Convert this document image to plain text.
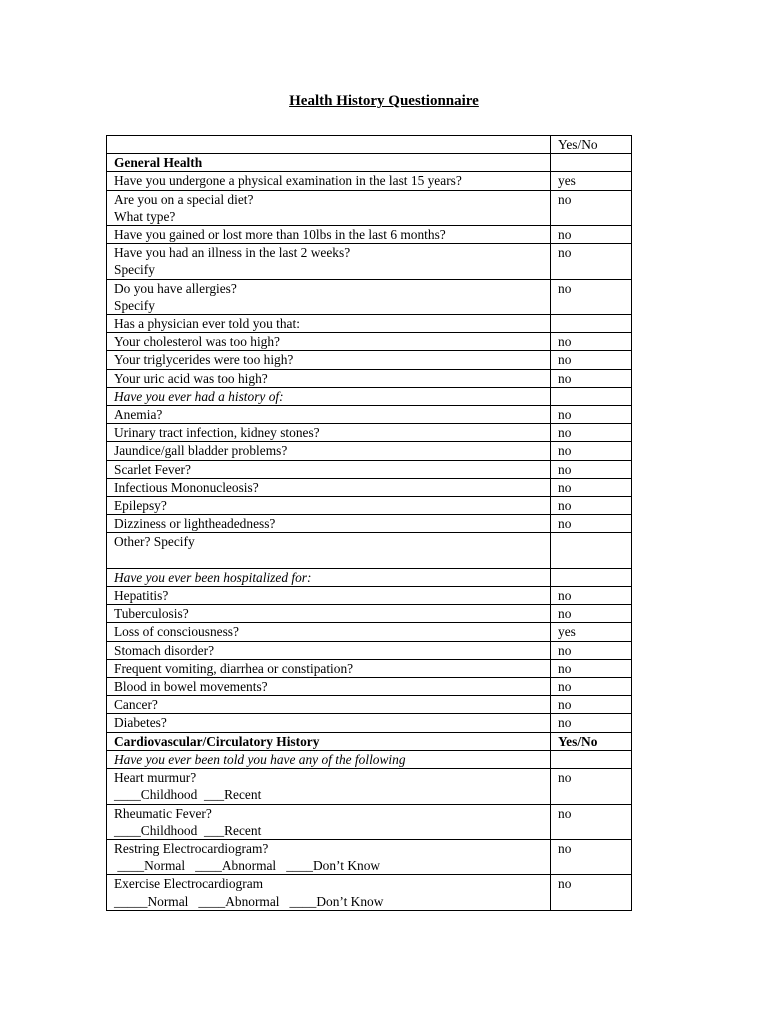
Health History Questionnaire
	Yes/No

General Health	

Have you undergone a physical examination in the last 15 years?	yes

Are you on a special diet?
What type?	no

Have you gained or lost more than 10lbs in the last 6 months?	no

Have you had an illness in the last 2 weeks?
Specify	no

Do you have allergies?
Specify	no

Has a physician ever told you that:	

Your cholesterol was too high?	no

Your triglycerides were too high?	no

Your uric acid was too high?	no

Have you ever had a history of:	

Anemia?	no

Urinary tract infection, kidney stones?	no

Jaundice/gall bladder problems?	no

Scarlet Fever?	no

Infectious Mononucleosis?	no

Epilepsy?	no

Dizziness or lightheadedness?	no

Other? Specify	

Have you ever been hospitalized for:	

Hepatitis?	no

Tuberculosis?	no

Loss of consciousness?	yes

Stomach disorder?	no

Frequent vomiting, diarrhea or constipation?	no

Blood in bowel movements?	no

Cancer?	no

Diabetes?	no

Cardiovascular/Circulatory History	Yes/No

Have you ever been told you have any of the following	

Heart murmur?
____Childhood  ___Recent	no

Rheumatic Fever?
____Childhood  ___Recent	no

Restring Electrocardiogram?
____Normal   ____Abnormal   ____Don’t Know	no

Exercise Electrocardiogram
_____Normal   ____Abnormal   ____Don’t Know	no
